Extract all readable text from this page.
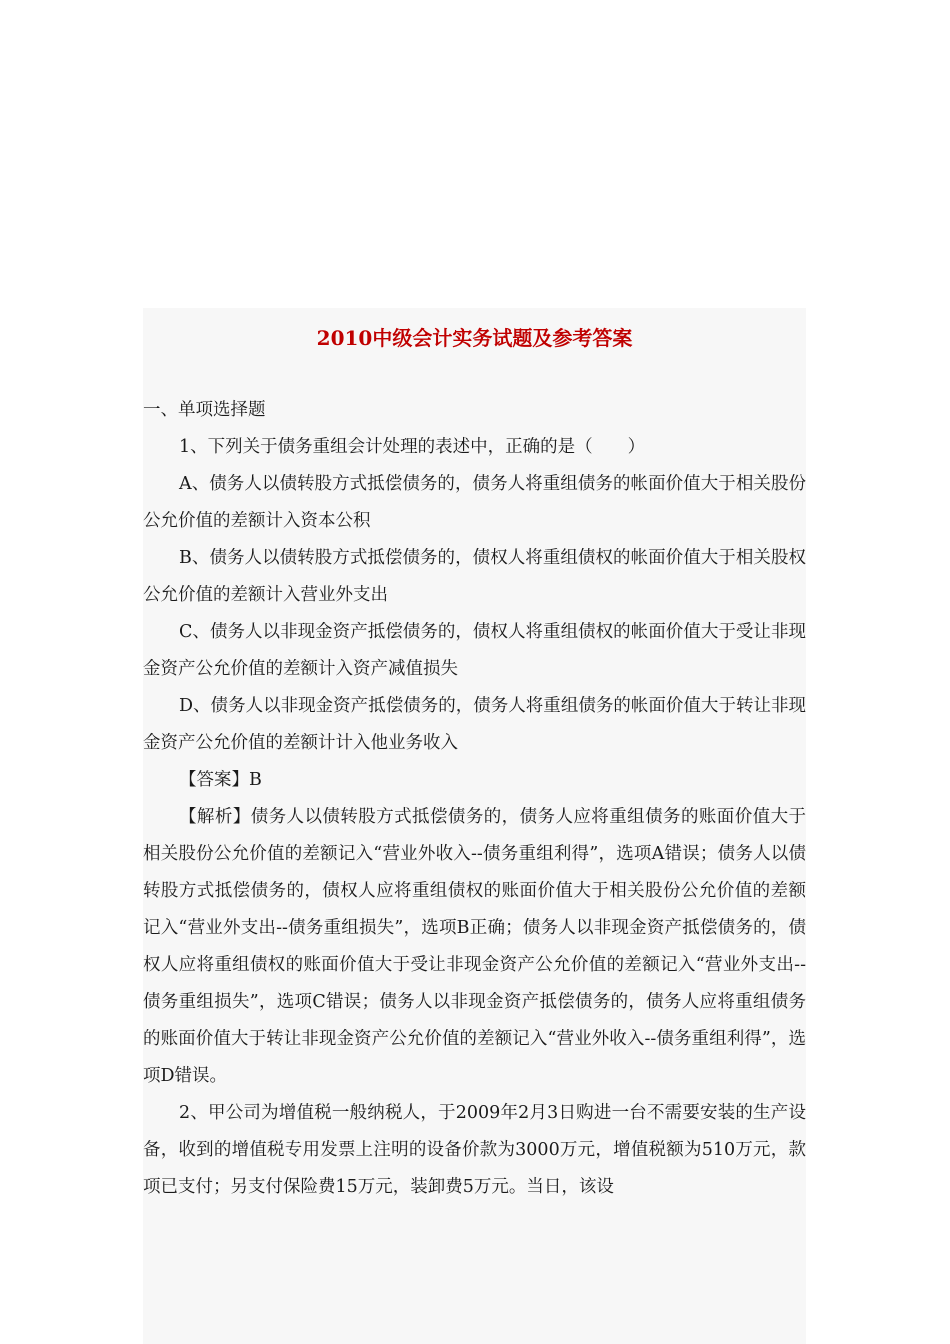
2010中级会计实务试题及参考答案

一、单项选择题

1、下列关于债务重组会计处理的表述中，正确的是（　　）

A、债务人以债转股方式抵偿债务的，债务人将重组债务的帐面价值大于相关股份公允价值的差额计入资本公积

B、债务人以债转股方式抵偿债务的，债权人将重组债权的帐面价值大于相关股权公允价值的差额计入营业外支出

C、债务人以非现金资产抵偿债务的，债权人将重组债权的帐面价值大于受让非现金资产公允价值的差额计入资产减值损失

D、债务人以非现金资产抵偿债务的，债务人将重组债务的帐面价值大于转让非现金资产公允价值的差额计计入他业务收入

【答案】B

【解析】债务人以债转股方式抵偿债务的，债务人应将重组债务的账面价值大于相关股份公允价值的差额记入“营业外收入--债务重组利得”，选项A错误；债务人以债转股方式抵偿债务的，债权人应将重组债权的账面价值大于相关股份公允价值的差额记入“营业外支出--债务重组损失”，选项B正确；债务人以非现金资产抵偿债务的，债权人应将重组债权的账面价值大于受让非现金资产公允价值的差额记入“营业外支出--债务重组损失”，选项C错误；债务人以非现金资产抵偿债务的，债务人应将重组债务的账面价值大于转让非现金资产公允价值的差额记入“营业外收入--债务重组利得”，选项D错误。

2、甲公司为增值税一般纳税人，于2009年2月3日购进一台不需要安装的生产设备，收到的增值税专用发票上注明的设备价款为3000万元，增值税额为510万元，款项已支付；另支付保险费15万元，装卸费5万元。当日，该设
